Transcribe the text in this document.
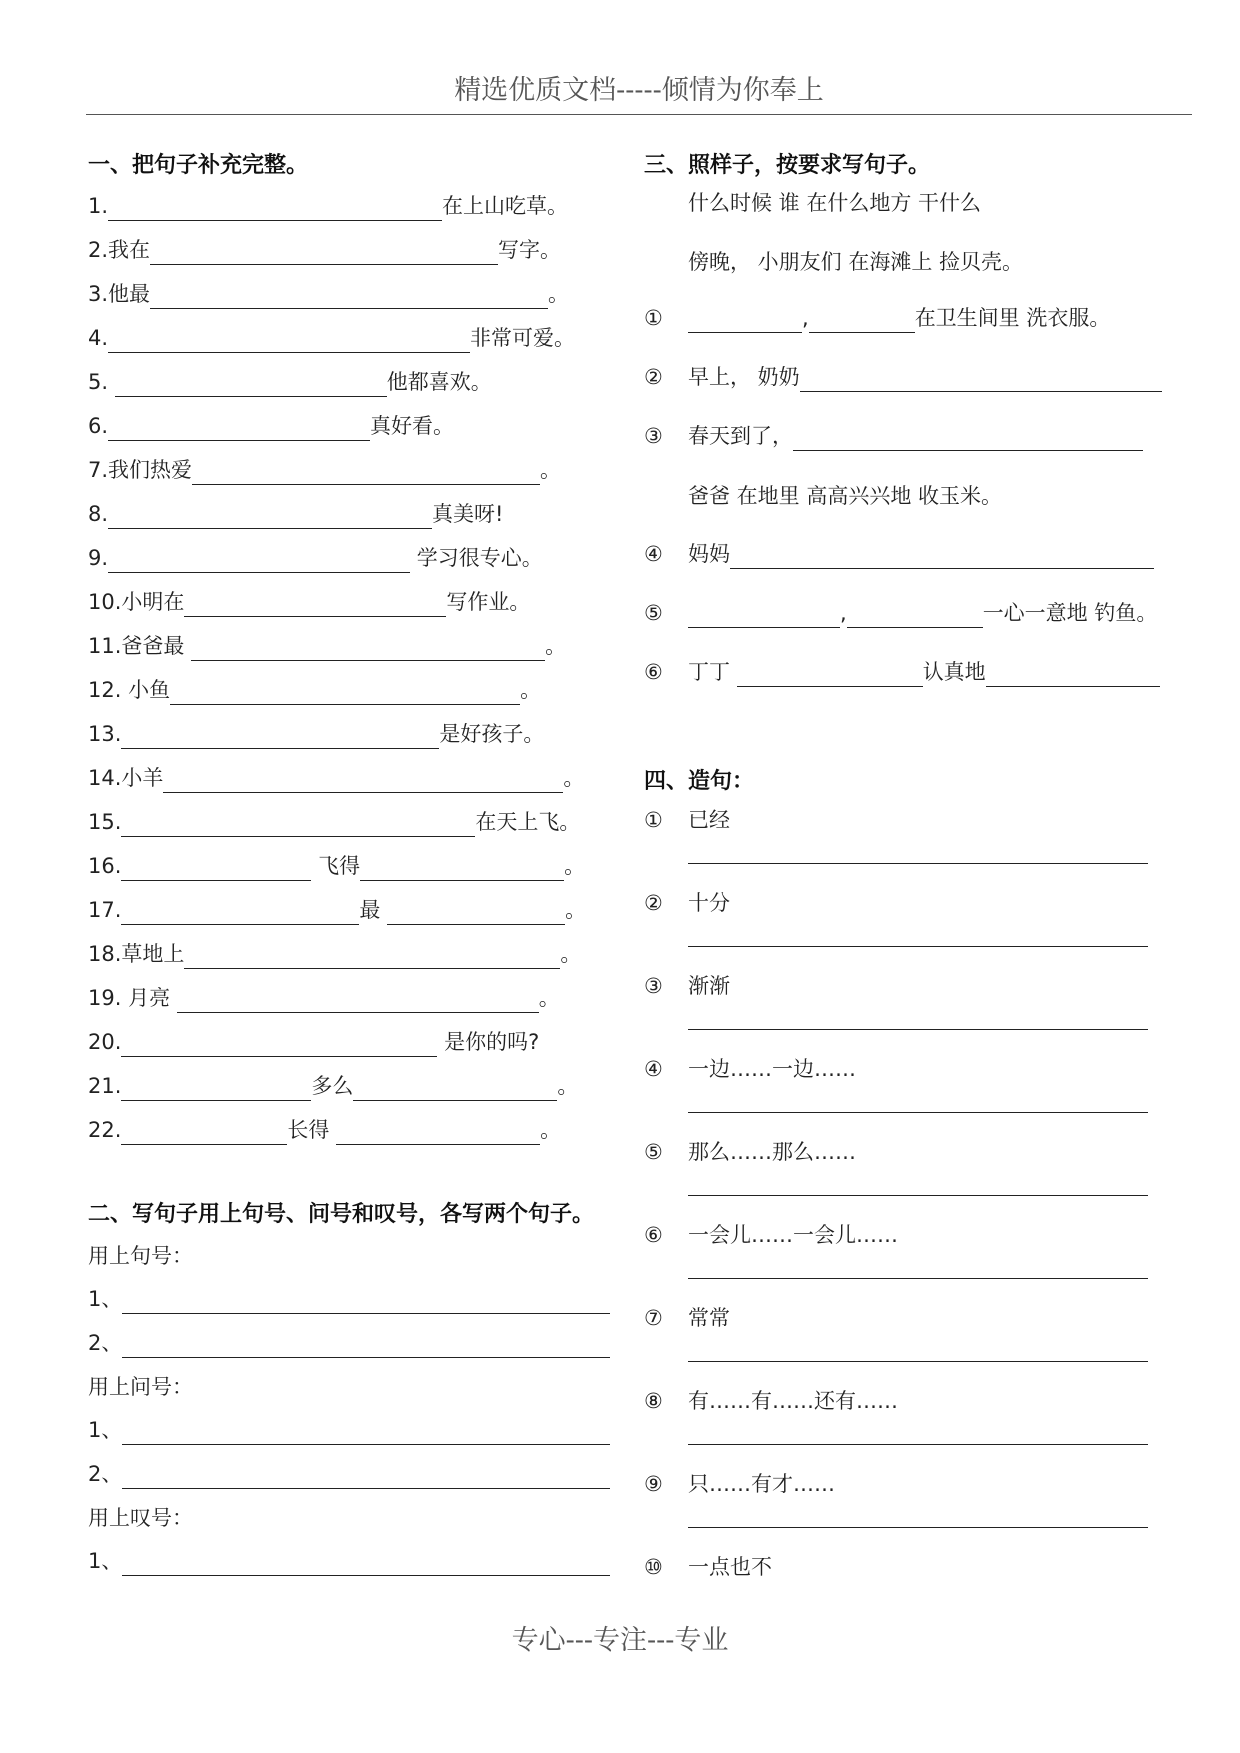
精选优质文档-----倾情为你奉上
一、把句子补充完整。
1.	在上山吃草。
2.我在	写字。
3.他最	。
4.	非常可爱。
5.	他都喜欢。
6.	真好看。
7.我们热爱	。
8.	真美呀!
9.	学习很专心。
10.小明在	写作业。
11.爸爸最	。
12. 小鱼	。
13.	是好孩子。
14.小羊	。
15.	在天上飞。
16.	飞得	。
17.	最	。
18.草地上	。
19. 月亮	。
20.	是你的吗?
21.	多么	。
22.	长得	。
二、写句子用上句号、问号和叹号，各写两个句子。
用上句号：
1、
2、
用上问号：
1、
2、
用上叹号：
1、
三、照样子，按要求写句子。
什么时候 谁 在什么地方 干什么
傍晚， 小朋友们 在海滩上 捡贝壳。
①	,	在卫生间里 洗衣服。
② 早上， 奶奶
③ 春天到了，
爸爸 在地里 高高兴兴地 收玉米。
④ 妈妈
⑤	,	一心一意地 钓鱼。
⑥ 丁丁	认真地
四、造句：
① 已经
② 十分
③ 渐渐
④ 一边……一边……
⑤ 那么……那么……
⑥ 一会儿……一会儿……
⑦ 常常
⑧ 有……有……还有……
⑨ 只……有才……
⑩ 一点也不
专心---专注---专业
